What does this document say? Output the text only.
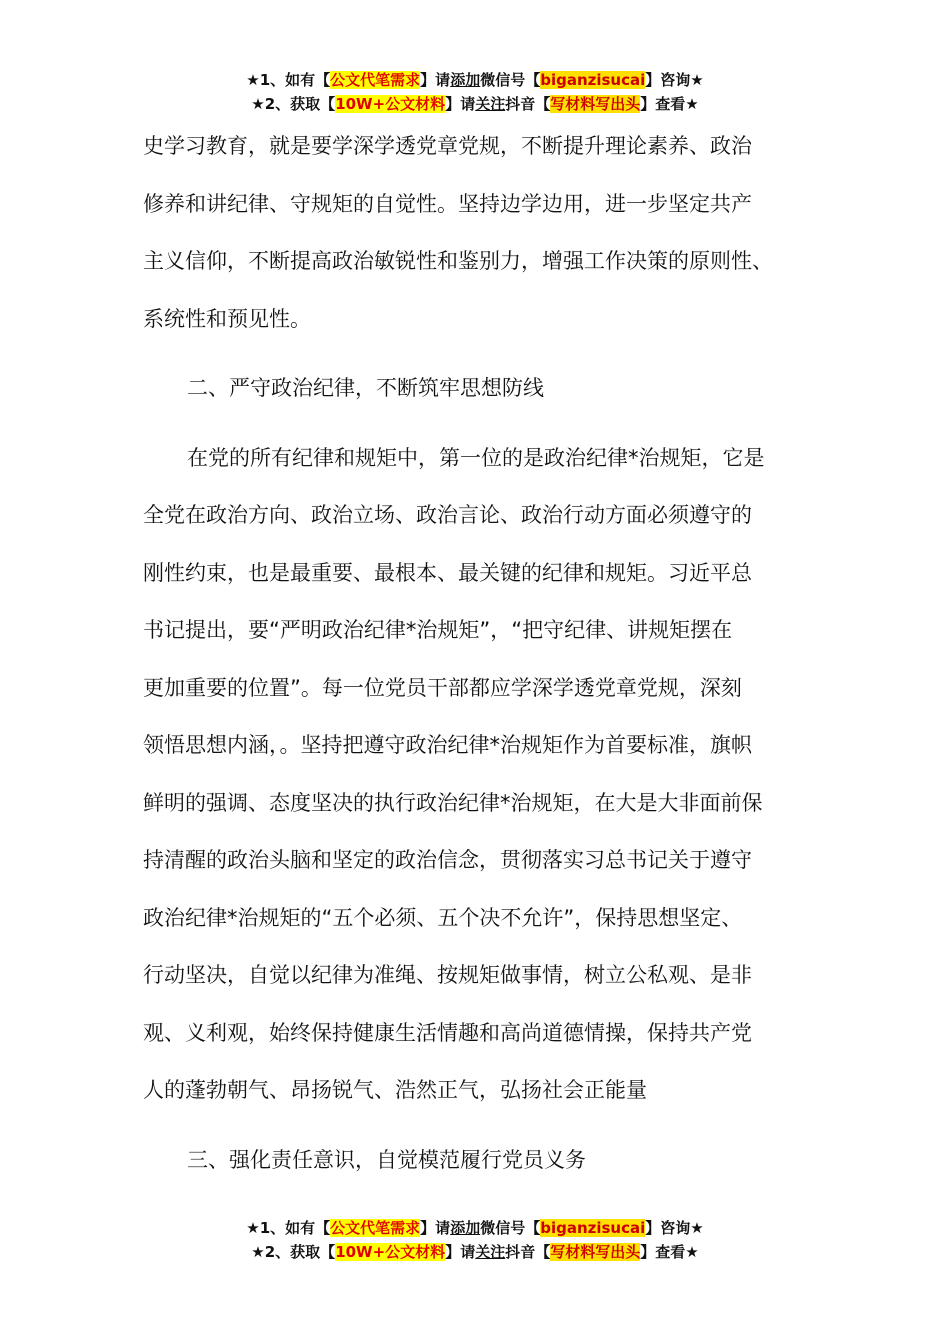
★1、如有【公文代笔需求】请添加微信号【biganzisucai】咨询★
★2、获取【10W+公文材料】请关注抖音【写材料写出头】查看★
史学习教育，就是要学深学透党章党规，不断提升理论素养、政治
修养和讲纪律、守规矩的自觉性。坚持边学边用，进一步坚定共产
主义信仰，不断提高政治敏锐性和鉴别力，增强工作决策的原则性、
系统性和预见性。
二、严守政治纪律，不断筑牢思想防线
在党的所有纪律和规矩中，第一位的是政治纪律*治规矩，它是
全党在政治方向、政治立场、政治言论、政治行动方面必须遵守的
刚性约束，也是最重要、最根本、最关键的纪律和规矩。习近平总
书记提出，要“严明政治纪律*治规矩”，“把守纪律、讲规矩摆在
更加重要的位置”。每一位党员干部都应学深学透党章党规，深刻
领悟思想内涵，。坚持把遵守政治纪律*治规矩作为首要标准，旗帜
鲜明的强调、态度坚决的执行政治纪律*治规矩，在大是大非面前保
持清醒的政治头脑和坚定的政治信念，贯彻落实习总书记关于遵守
政治纪律*治规矩的“五个必须、五个决不允许”，保持思想坚定、
行动坚决，自觉以纪律为准绳、按规矩做事情，树立公私观、是非
观、义利观，始终保持健康生活情趣和高尚道德情操，保持共产党
人的蓬勃朝气、昂扬锐气、浩然正气，弘扬社会正能量
三、强化责任意识，自觉模范履行党员义务
★1、如有【公文代笔需求】请添加微信号【biganzisucai】咨询★
★2、获取【10W+公文材料】请关注抖音【写材料写出头】查看★
